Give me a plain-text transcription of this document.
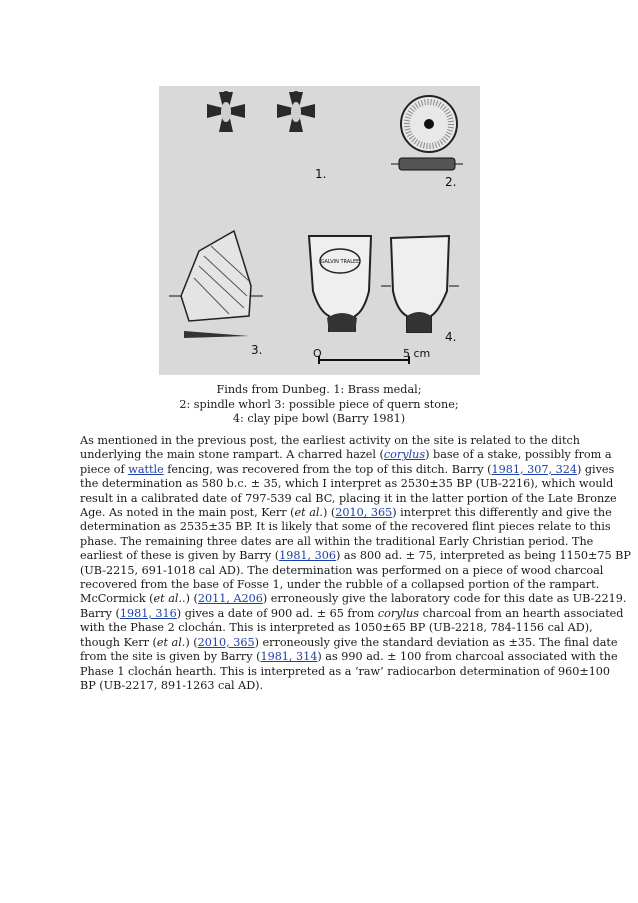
1.
2.
3.
GALVIN TRALEE
4.
O	5 cm
Finds from Dunbeg. 1: Brass medal;
2: spindle whorl 3: possible piece of quern stone;
4: clay pipe bowl (Barry 1981)
As mentioned in the previous post, the earliest activity on the site is related to the ditch
underlying the main stone rampart. A charred hazel (corylus) base of a stake, possibly from a
piece of wattle fencing, was recovered from the top of this ditch. Barry (1981, 307, 324) gives
the determination as 580 b.c. ± 35, which I interpret as 2530±35 BP (UB-2216), which would
result in a calibrated date of 797-539 cal BC, placing it in the latter portion of the Late Bronze
Age. As noted in the main post, Kerr (et al.) (2010, 365) interpret this differently and give the
determination as 2535±35 BP. It is likely that some of the recovered flint pieces relate to this
phase. The remaining three dates are all within the traditional Early Christian period. The
earliest of these is given by Barry (1981, 306) as 800 ad. ± 75, interpreted as being 1150±75 BP
(UB-2215, 691-1018 cal AD). The determination was performed on a piece of wood charcoal
recovered from the base of Fosse 1, under the rubble of a collapsed portion of the rampart.
McCormick (et al..) (2011, A206) erroneously give the laboratory code for this date as UB-2219.
Barry (1981, 316) gives a date of 900 ad. ± 65 from corylus charcoal from an hearth associated
with the Phase 2 clochán. This is interpreted as 1050±65 BP (UB-2218, 784-1156 cal AD),
though Kerr (et al.) (2010, 365) erroneously give the standard deviation as ±35. The final date
from the site is given by Barry (1981, 314) as 990 ad. ± 100 from charcoal associated with the
Phase 1 clochán hearth. This is interpreted as a ‘raw’ radiocarbon determination of 960±100
BP (UB-2217, 891-1263 cal AD).
